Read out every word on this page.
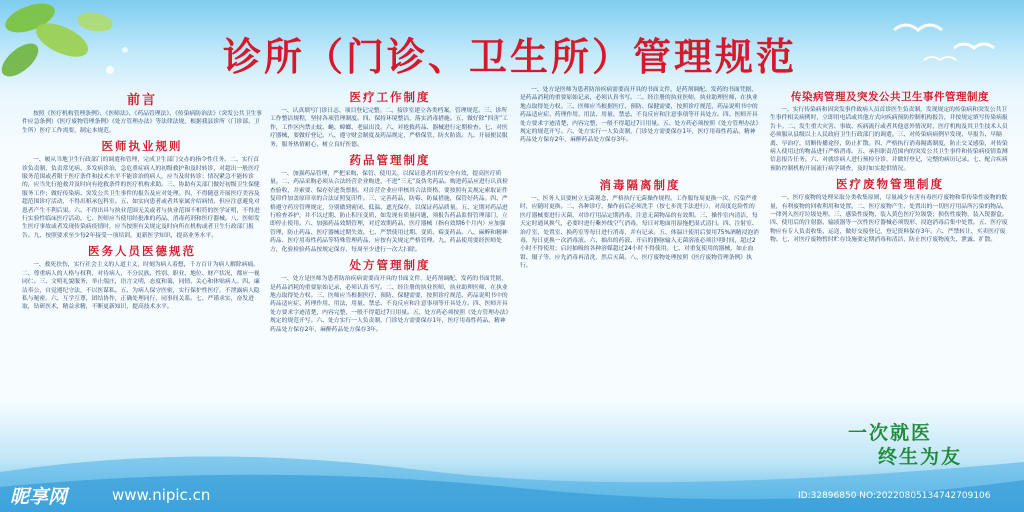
诊所（门诊、卫生所）管理规范
前言

按照《医疗机构管理条例》、《医师法》、《药品管理法》、《传染病防治法》（突发公共卫生事件应急条例）《医疗废物管理条例》《处方管理办法》等法律法规，根据我县诊所（门诊部、卫生所）医疗工作需要，制定本规范。

医师执业规则

一、履从当地卫生行政部门的调遣和管理，完成卫生部门交办的指令性任务。二、实行首诊负责制，负责常见病、多发病诊治，急危重症病人的初级救护和及时转诊，对超出一般医疗服务范围或者限于医疗条件和技术水平不能诊治的病人，应当及时转诊；情况紧急不能转诊的，应当先行抢救并及时向有抢救条件的医疗机构求助。三、协助有关部门做好初级卫生保健服务工作；做好传染病、突发公共卫生事件的报告及应对处理。四、不得随意开展医疗美容及超范围诊疗活动，不得出租承包科室。五、如实向患者或者其家属介绍病情，但应注意避免对患者产生不利后果。六、不得出具与执业范围无关或者与执业范围不相符的医学证明，不得进行实验性临床医疗活动。七、医师应当使用经批准的药品、消毒药剂和医疗器械。八、医师发生医疗事故或者发现传染病疫情时，应当按照有关规定及时向所在机构或者卫生行政部门报告。九、按照要求至少每2年接受一项培训，更新医学知识，提高业务水平。

医务人员医德规范

一、救死扶伤，实行社会主义的人道主义，时刻为病人着想，千方百计为病人解除病痛。二、尊重病人的人格与权利，对待病人，不分民族、性别、职业、地位、财产状况，都应一视同仁。三、文明礼貌服务，举止端庄，语言文明，态度和蔼，同情、关心和体贴病人。四、廉洁奉公，自觉遵纪守法，不以医谋私。五、为病人保守医密，实行保护性医疗，不泄露病人隐私与秘密。六、互学互尊，团结协作，正确处理同行、同事间关系。七、严谨求实，奋发进取，钻研医术，精益求精，不断更新知识，提高技术水平。

医疗工作制度

一、认真填写门诊日志，项目登记完整。二、接诊室建立各类档案，管理规范。三、诊所工作整洁规程，坚持各项管理制度。四、保持环境整洁，落实消毒措施。五、做好除“四害”工作，工作区内禁止蚊、蝇、蟑螂、老鼠出没。六、对抢救药品、器械进行定期检查。七、对医疗器械，要做好登记。八、遵守财会制度及药品规定，严格保管，防火防盗。九、开展便民服务，服务热情耐心，树立良好医德。

药品管理制度

一、加强药品管理，严把采购、保管、使用关，以保证患者用药安全有效，提高医疗质量。二、药品采购必须从合法经营企业购进，不进“三无”及伪劣药品。购进药品应进行认真检查验收，并索要、保存好进货票据。对首营企业应审核其合法资格，要按照有关规定索取证件复印件加盖原印章的合法证照复印件。三、完善药品，防霉、防鼠措施，保管好药品。四、严格遵守药房管理规定，分别做到密闭、低温、遮光保存，以保证药品质量。五、定期对药品进行检查养护，并不以过期、防止积压变质，如发现有质量问题，须报告药品监督管理部门，立即停止使用。六、加强药品效期管理，对近效期药品，医疗器械（指有效期6个月内）应加强管理，防止药品、医疗器械过期失效。七、严禁使用过期、变质、霉变药品。八、麻醉和精神药品、医疗用毒性药品等特殊管理药品，应按有关规定严格管理。九、药品使用要经医师处方，化验检验药品按规定保存，每周至少进行一次大扫除。

处方管理制度

一、处方是医师为患者防治疾病需要而开具的书面文件，是药剂调配、发药的书面凭据，是药品消耗的重要原始记录，必须认真书写。二、经注册的执业医师，执业助理医师，在执业地点取得处方权。三、医师应当根据医疗、预防、保健需要，按照诊疗规范、药品说明书中的药品适应症、药理作用、用法、用量、禁忌、不良反应和注意事项等开具处方。四、医师开具处方要求字迹清楚，内容完整，一般不得超过7日用量。五、处方药必须按照《处方管理办法》规定的规范开写。六、处方实行一人负责制，门诊处方需要保存1年，医疗用毒性药品、精神药品处方保存2年，麻醉药品处方保存3年。

一、处方是医师为患者防治疾病需要而开具的书面文件，是药剂调配、发药的书面凭据，是药品消耗的重要原始记录，必须认真书写。二、经注册的执业医师，执业助理医师，在执业地点取得处方权。三、医师应当根据医疗、预防、保健需要，按照诊疗规范、药品说明书中的药品适应症、药理作用、用法、用量、禁忌、不良反应和注意事项等开具处方。四、医师开具处方要求字迹清楚，内容完整，一般不得超过7日用量。五、处方药必须按照《处方管理办法》规定的规范开写。六、处方实行一人负责制，门诊处方需要保存1年，医疗用毒性药品、精神药品处方保存2年，麻醉药品处方保存3年。

消毒隔离制度

一、医务人员要树立无菌观念，严格执行无菌操作规程。工作服每周更换一次，污染严重时，应随时更换。二、各种诊疗、操作前后必须洗手（按七步洗手法进行），对高度危险性的医疗器械要进行灭菌，对诊疗用品定期消毒，注意无菌物品的有效期。三、操作室内清洁，每天定时通风换气，必要时进行紫外线空气消毒，每日对地面用湿拖把湿式清扫。四、注射室、治疗室、处置室、换药室等每日进行消毒，并有记录。五、体温计使用后要用75%酒精浸泡消毒，每日更换一次消毒液。六、抽出的药液、开启的静脉输入无菌溶液必须注明时间，超过2小时不得使用；启封抽吸的各种溶媒超过24小时不得使用。七、对重复使用的器械，如止血钳、镊子等，应先消毒再清洗，然后灭菌。八、医疗废物处理按照《医疗废物管理条例》执行。

传染病管理及突发公共卫生事件管理制度

一、实行传染病和因突发事件致病人员首诊医生负责制，发现规定的传染病和突发公共卫生事件相关病例时，立即用电话或其他方式向疾病预防控制机构报告，并按规定填写传染病报告卡。二、发生重大灾害、事故、疾病流行或者其他意外情况时，医疗机构及其卫生技术人员必须服从县级以上人民政府卫生行政部门的调遣。三、对传染病病例早发现、早报告、早隔离、早治疗，切断传播途径，防止扩散。四、严格执行消毒隔离制度，防止交叉感染，对传染病人使用过的物品进行严格消毒。五、承担职责范围内的突发公共卫生事件和传染病疫情监测信息报告任务。六、对就诊病人进行预检分诊，并做好登记，完整的病历记录。七、配合疾病预防控制机构开展流行病学调查，及时如实提供情况。

医疗废物管理制度

一、医疗废物的处理采取分类收集原则，尽量减少有害有毒医疗废物和带传染性废物的数量，有利废物的回收利用和处置。二、医疗废物产生、处置出的一切医疗用品所污染的物品，一律列入医疗垃圾处理。三、感染性废物，装入黄色医疗垃圾袋；损伤性废物，装入锐器盒。四、使用后的注射器、输液器等一次性医疗器械必须毁形、浸泡消毒后集中处置。五、医疗废物应有专人负责收集、运送，做好交接登记，登记资料保存3年。六、严禁转让、买卖医疗废物。七、对医疗废物暂时贮存设施要定期消毒和清洁，防止医疗废物流失、泄露、扩散。

一次就医
终生为友
昵享网	www.nipic.cn	ID:32896850 NO:20220805134742709106
